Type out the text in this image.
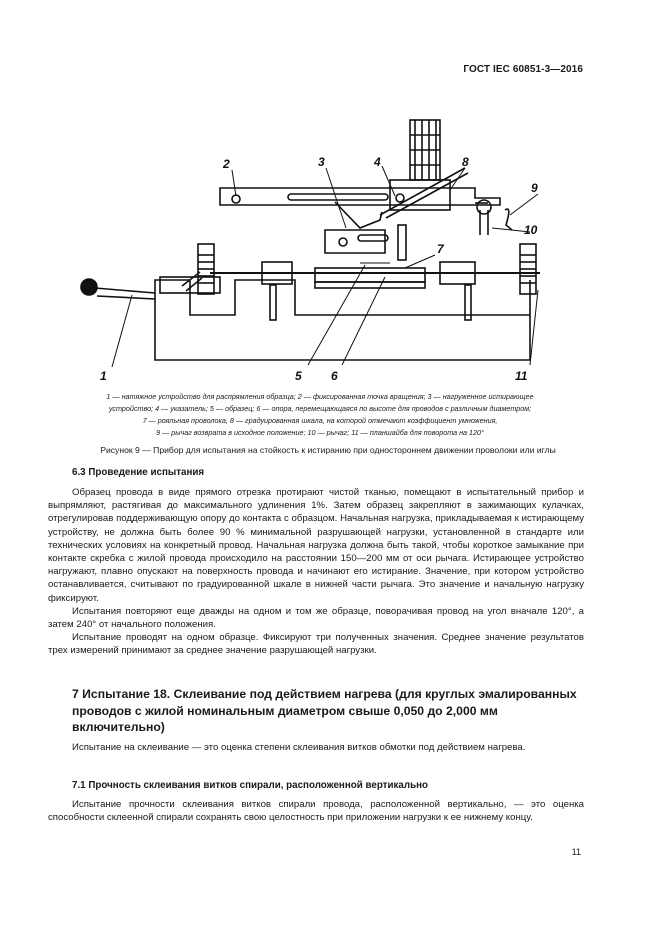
ГОСТ IEC 60851-3—2016
1
2	3	4	8
9
10
7
5 6	11
1 — натяжное устройство для распрямления образца; 2 — фиксированная точка вращения; 3 — нагруженное истирающее
устройство; 4 — указатель; 5 — образец; 6 — опора, перемещающаяся по высоте для проводов с различным диаметром;
7 — рояльная проволока, 8 — градуированная шкала, на которой отмечают коэффициент умножения,
9 — рычаг возврата в исходное положение; 10 — рычаг; 11 — планшайба для поворота на 120°
Рисунок 9 — Прибор для испытания на стойкость к истиранию при одностороннем движении проволоки или иглы
6.3 Проведение испытания

Образец провода в виде прямого отрезка протирают чистой тканью, помещают в испытательный прибор и выпрямляют, растягивая до максимального удлинения 1%. Затем образец закрепляют в зажимающих кулачках, отрегулировав поддерживающую опору до контакта с образцом. Начальная нагрузка, прикладываемая к истирающему устройству, не должна быть более 90 % минимальной разрушающей нагрузки, установленной в стандарте или технических условиях на конкретный провод. Начальная нагрузка должна быть такой, чтобы короткое замыкание при контакте скребка с жилой провода происходило на расстоянии 150—200 мм от оси рычага. Истирающее устройство нагружают, плавно опускают на поверхность провода и начинают его истирание. Значение, при котором устройство останавливается, считывают по градуированной шкале в нижней части рычага. Это значение и начальную нагрузку фиксируют.

Испытания повторяют еще дважды на одном и том же образце, поворачивая провод на угол вначале 120°, а затем 240° от начального положения.

Испытание проводят на одном образце. Фиксируют три полученных значения. Среднее значение результатов трех измерений принимают за среднее значение разрушающей нагрузки.

7 Испытание 18. Склеивание под действием нагрева (для круглых эмалированных проводов с жилой номинальным диаметром свыше 0,050 до 2,000 мм включительно)

Испытание на склеивание — это оценка степени склеивания витков обмотки под действием нагрева.

7.1 Прочность склеивания витков спирали, расположенной вертикально

Испытание прочности склеивания витков спирали провода, расположенной вертикально, — это оценка способности склеенной спирали сохранять свою целостность при приложении нагрузки к ее нижнему концу.

11
